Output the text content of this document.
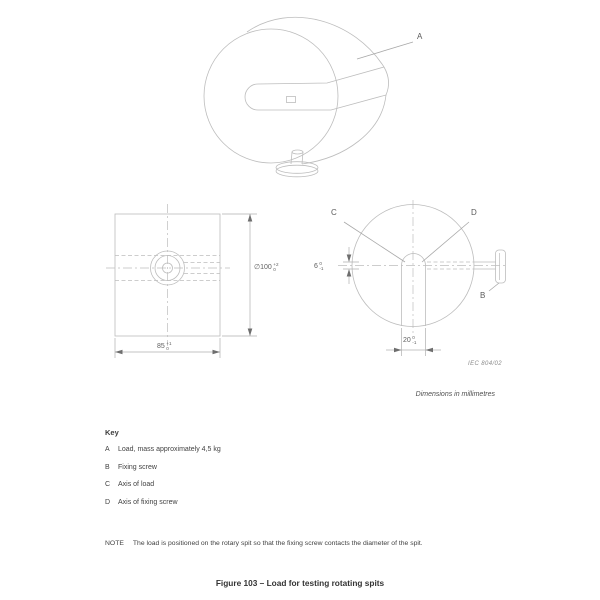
A
C	D
B
∅100 +2
0
85 +1
0
6 0
-1
20 0
-1
IEC 804/02
Dimensions in millimetres
Key
A	Load, mass approximately 4,5 kg
B	Fixing screw
C	Axis of load
D	Axis of fixing screw
NOTE The load is positioned on the rotary spit so that the fixing screw contacts the diameter of the spit.
Figure 103 – Load for testing rotating spits
